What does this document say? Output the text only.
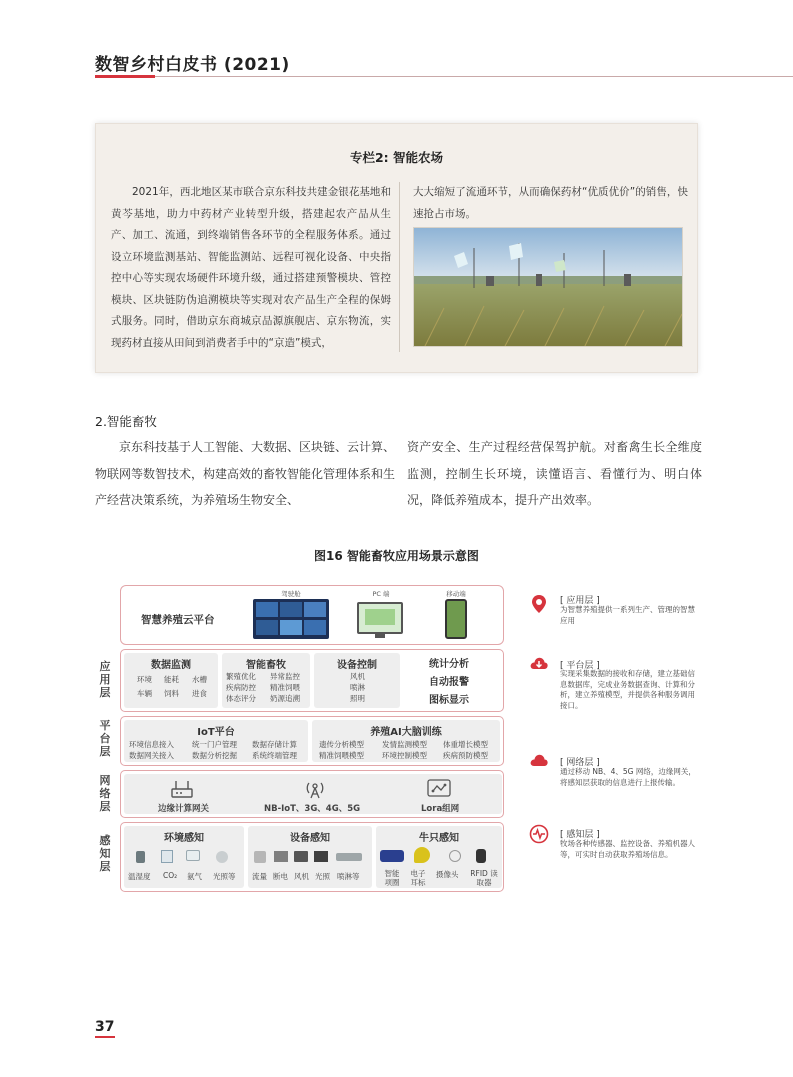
数智乡村白皮书 (2021)
专栏2: 智能农场
2021年，西北地区某市联合京东科技共建金银花基地和黄芩基地，助力中药材产业转型升级，搭建起农产品从生产、加工、流通，到终端销售各环节的全程服务体系。通过设立环境监测基站、智能监测站、远程可视化设备、中央指控中心等实现农场硬件环境升级，通过搭建预警模块、管控模块、区块链防伪追溯模块等实现对农产品生产全程的保姆式服务。同时，借助京东商城京品源旗舰店、京东物流，实现药材直接从田间到消费者手中的“京造”模式，
大大缩短了流通环节，从而确保药材“优质优价”的销售，快速抢占市场。
2.智能畜牧
京东科技基于人工智能、大数据、区块链、云计算、物联网等数智技术，构建高效的畜牧智能化管理体系和生产经营决策系统，为养殖场生物安全、
资产安全、生产过程经营保驾护航。对畜禽生长全维度监测，控制生长环境，读懂语言、看懂行为、明白体况，降低养殖成本，提升产出效率。
图16 智能畜牧应用场景示意图
智慧养殖云平台
驾驶舱	PC 端	移动端
应用层
数据监测
环境 能耗 水槽
车辆 饲料 进食
智能畜牧
繁殖优化 异常监控
疾病防控 精准饲喂
体态评分 奶源追溯
设备控制
风机
喷淋
照明
统计分析
自动报警
图标显示
平台层
IoT平台
环境信息接入 统一门户管理 数据存储计算
数据网关接入 数据分析挖掘 系统终端管理
养殖AI大脑训练
遗传分析模型 发情监测模型 体重增长模型
精准饲喂模型 环境控制模型 疾病预防模型
网络层	边缘计算网关	NB-IoT、3G、4G、5G	Lora组网
感知层
环境感知
温湿度 CO₂ 氨气 光照等
设备感知
流量 断电 风机 光照 喷淋等
牛只感知
智能项圈
电子耳标
摄像头	RFID 读取器
[ 应用层 ]
为智慧养殖提供一系列生产、管理的智慧应用
[ 平台层 ]
实现采集数据的接收和存储，建立基础信息数据库，完成业务数据查询、计算和分析，建立养殖模型，并提供各种服务调用接口。
[ 网络层 ]
通过移动 NB、4、5G 网络，边缘网关，将感知层获取的信息进行上报传输。
[ 感知层 ]
牧场各种传感器、监控设备、养殖机器人等，可实时自动获取养殖场信息。
37
